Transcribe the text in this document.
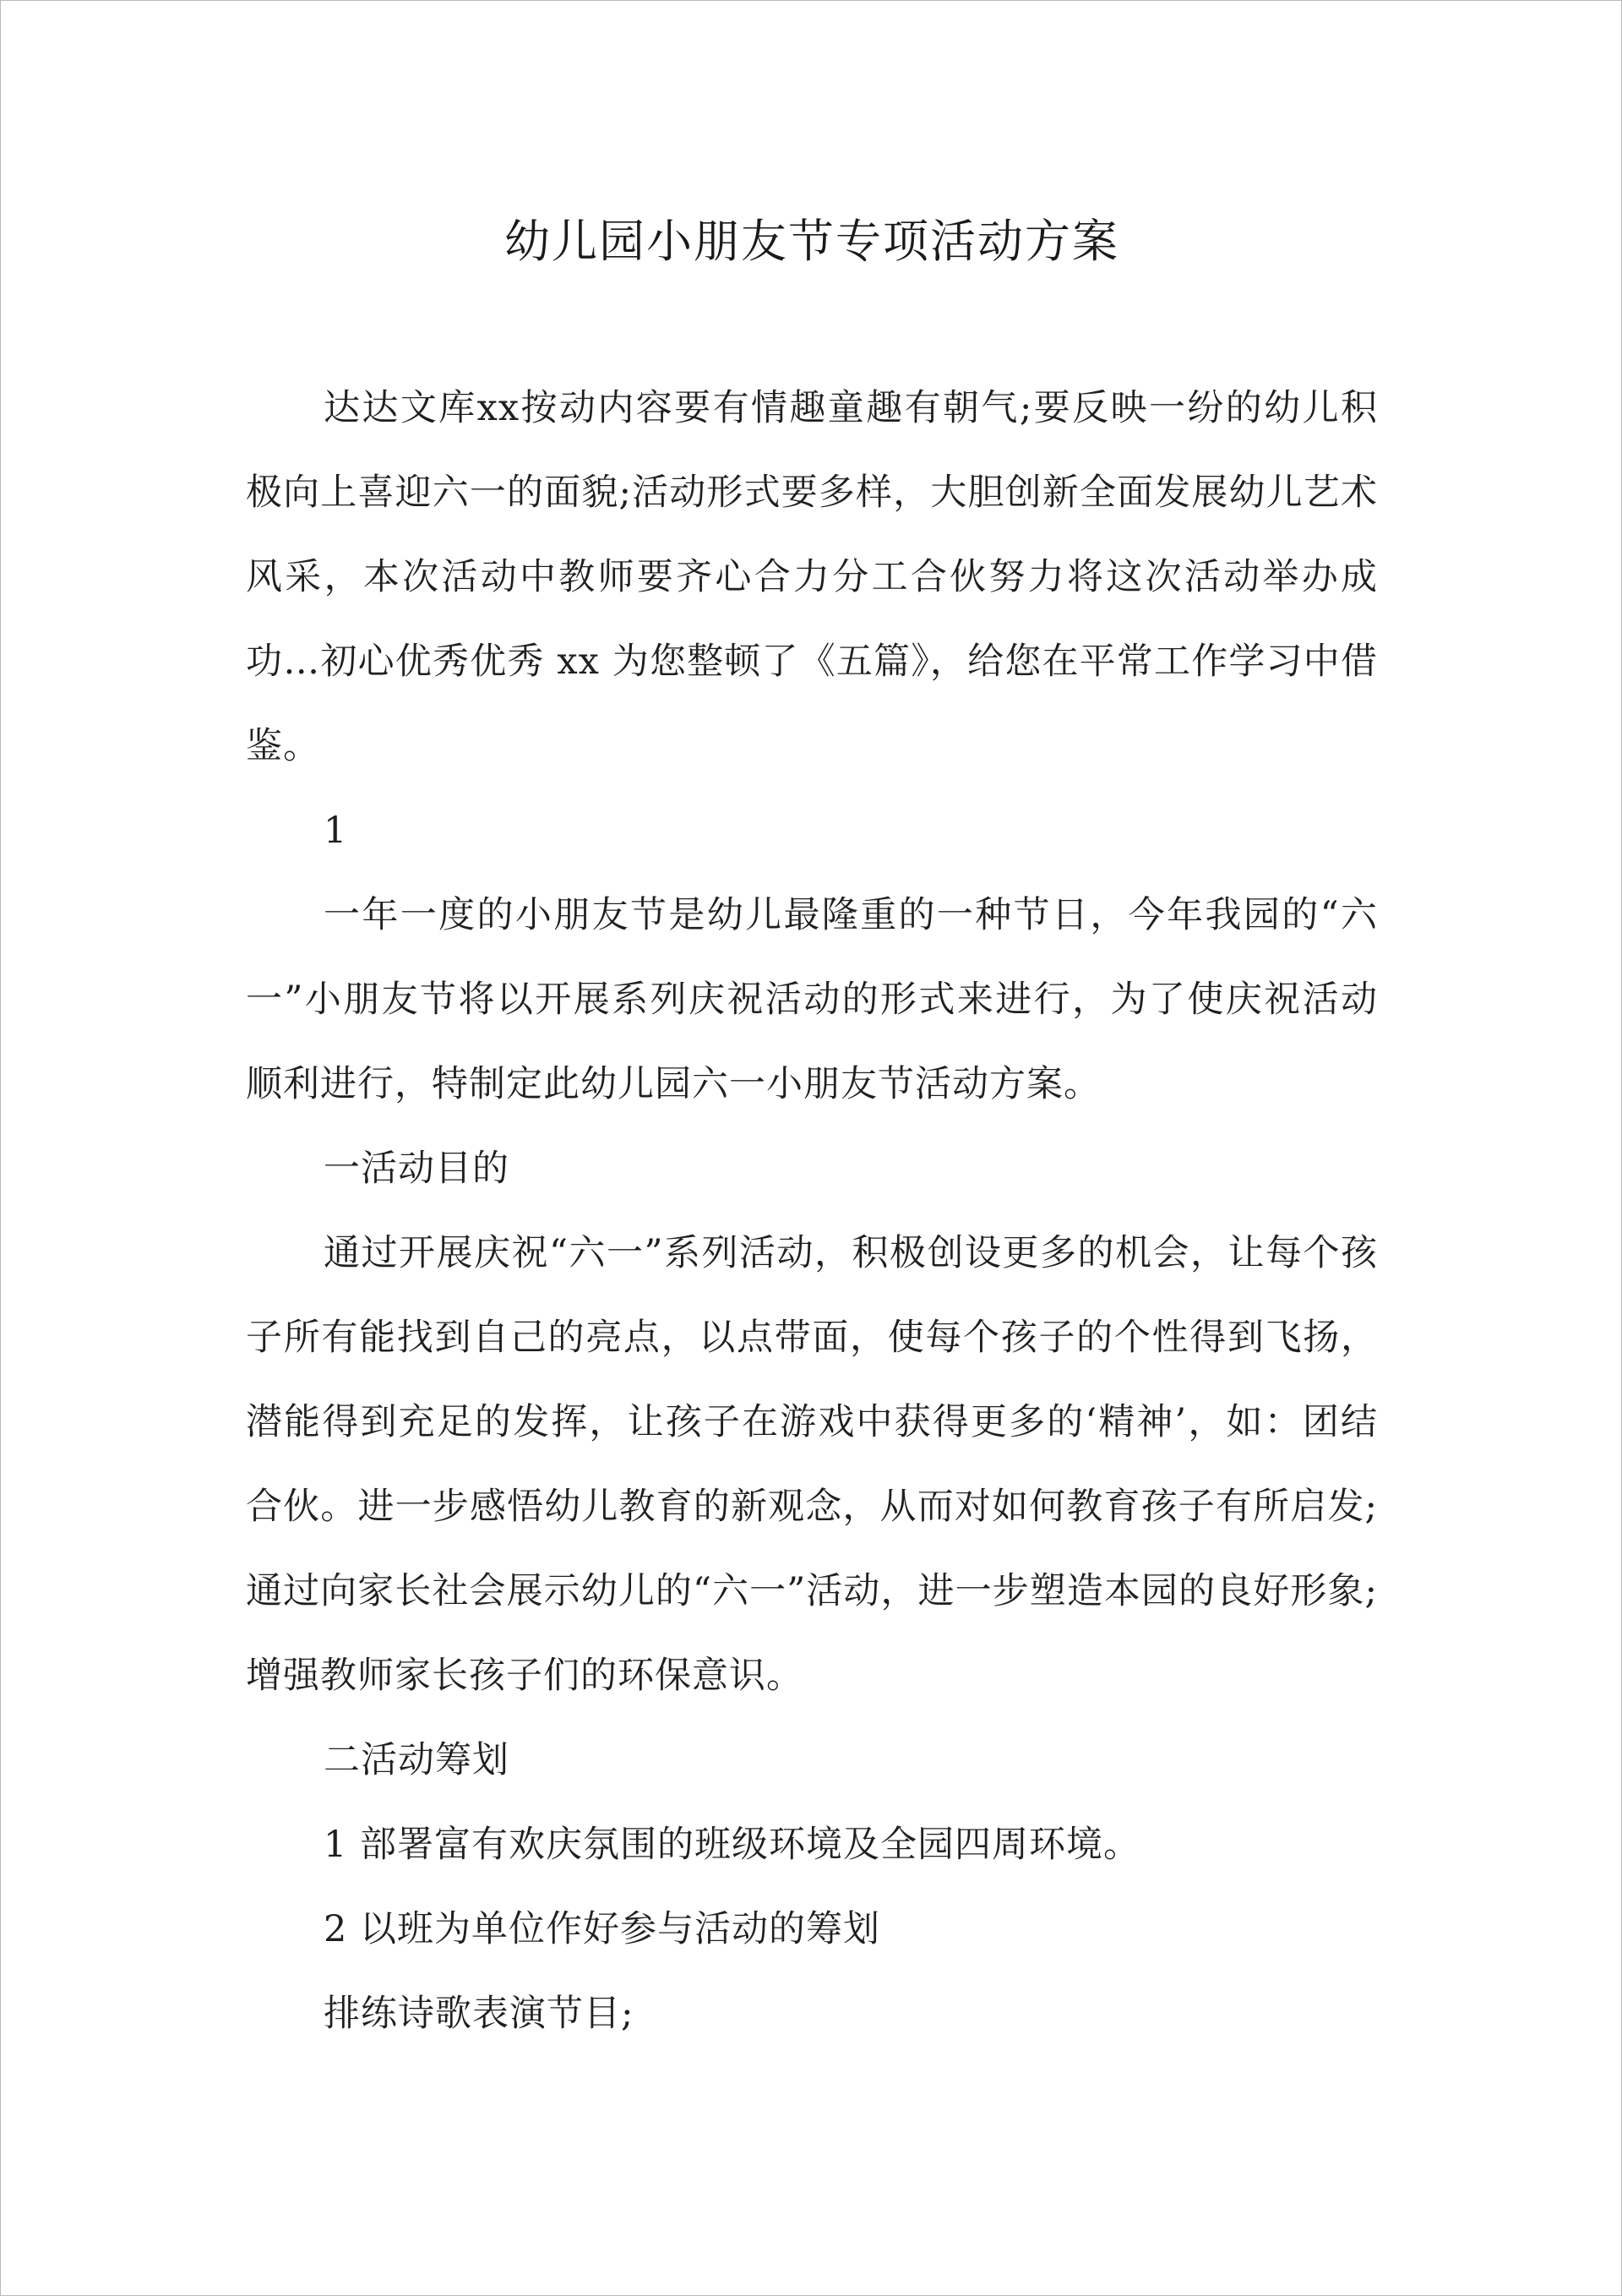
幼儿园小朋友节专项活动方案

达达文库xx按动内容要有情趣童趣有朝气;要反映一纷的幼儿积极向上喜迎六一的面貌;活动形式要多样，大胆创新全面发展幼儿艺术风采，本次活动中教师要齐心合力分工合伙努力将这次活动举办成功…初心优秀优秀 xx 为您整顿了《五篇》，给您在平常工作学习中借鉴。

1

一年一度的小朋友节是幼儿最隆重的一种节日，今年我园的“六一”小朋友节将以开展系列庆祝活动的形式来进行，为了使庆祝活动顺利进行，特制定此幼儿园六一小朋友节活动方案。

一活动目的

通过开展庆祝“六一”系列活动，积极创设更多的机会，让每个孩子所有能找到自己的亮点，以点带面，使每个孩子的个性得到飞扬，潜能得到充足的发挥，让孩子在游戏中获得更多的‘精神’，如：团结合伙。进一步感悟幼儿教育的新观念，从而对如何教育孩子有所启发;通过向家长社会展示幼儿的“六一”活动，进一步塑造本园的良好形象;增强教师家长孩子们的环保意识。

二活动筹划

1 部署富有欢庆氛围的班级环境及全园四周环境。

2 以班为单位作好参与活动的筹划

排练诗歌表演节目;
